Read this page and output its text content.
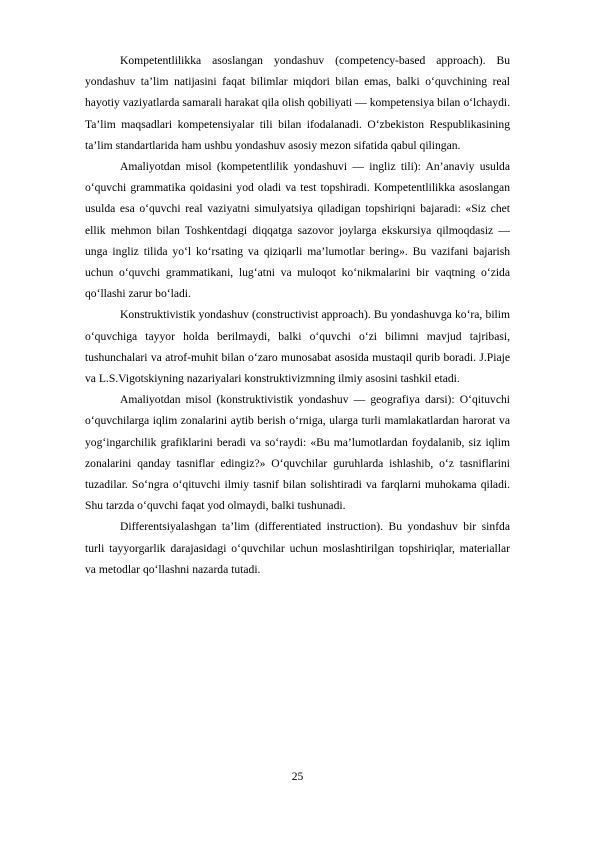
Kompetentlilikka asoslangan yondashuv (competency-based approach). Bu yondashuv ta’lim natijasini faqat bilimlar miqdori bilan emas, balki o‘quvchining real hayotiy vaziyatlarda samarali harakat qila olish qobiliyati — kompetensiya bilan o‘lchaydi. Ta’lim maqsadlari kompetensiyalar tili bilan ifodalanadi. O‘zbekiston Respublikasining ta’lim standartlarida ham ushbu yondashuv asosiy mezon sifatida qabul qilingan.

Amaliyotdan misol (kompetentlilik yondashuvi — ingliz tili): An’anaviy usulda o‘quvchi grammatika qoidasini yod oladi va test topshiradi. Kompetentlilikka asoslangan usulda esa o‘quvchi real vaziyatni simulyatsiya qiladigan topshiriqni bajaradi: «Siz chet ellik mehmon bilan Toshkentdagi diqqatga sazovor joylarga ekskursiya qilmoqdasiz — unga ingliz tilida yo‘l ko‘rsating va qiziqarli ma’lumotlar bering». Bu vazifani bajarish uchun o‘quvchi grammatikani, lug‘atni va muloqot ko‘nikmalarini bir vaqtning o‘zida qo‘llashi zarur bo‘ladi.

Konstruktivistik yondashuv (constructivist approach). Bu yondashuvga ko‘ra, bilim o‘quvchiga tayyor holda berilmaydi, balki o‘quvchi o‘zi bilimni mavjud tajribasi, tushunchalari va atrof-muhit bilan o‘zaro munosabat asosida mustaqil qurib boradi. J.Piaje va L.S.Vigotskiyning nazariyalari konstruktivizmning ilmiy asosini tashkil etadi.

Amaliyotdan misol (konstruktivistik yondashuv — geografiya darsi): O‘qituvchi o‘quvchilarga iqlim zonalarini aytib berish o‘rniga, ularga turli mamlakatlardan harorat va yog‘ingarchilik grafiklarini beradi va so‘raydi: «Bu ma’lumotlardan foydalanib, siz iqlim zonalarini qanday tasniflar edingiz?» O‘quvchilar guruhlarda ishlashib, o‘z tasniflarini tuzadilar. So‘ngra o‘qituvchi ilmiy tasnif bilan solishtiradi va farqlarni muhokama qiladi. Shu tarzda o‘quvchi faqat yod olmaydi, balki tushunadi.

Differentsiyalashgan ta’lim (differentiated instruction). Bu yondashuv bir sinfda turli tayyorgarlik darajasidagi o‘quvchilar uchun moslashtirilgan topshiriqlar, materiallar va metodlar qo‘llashni nazarda tutadi.

25
